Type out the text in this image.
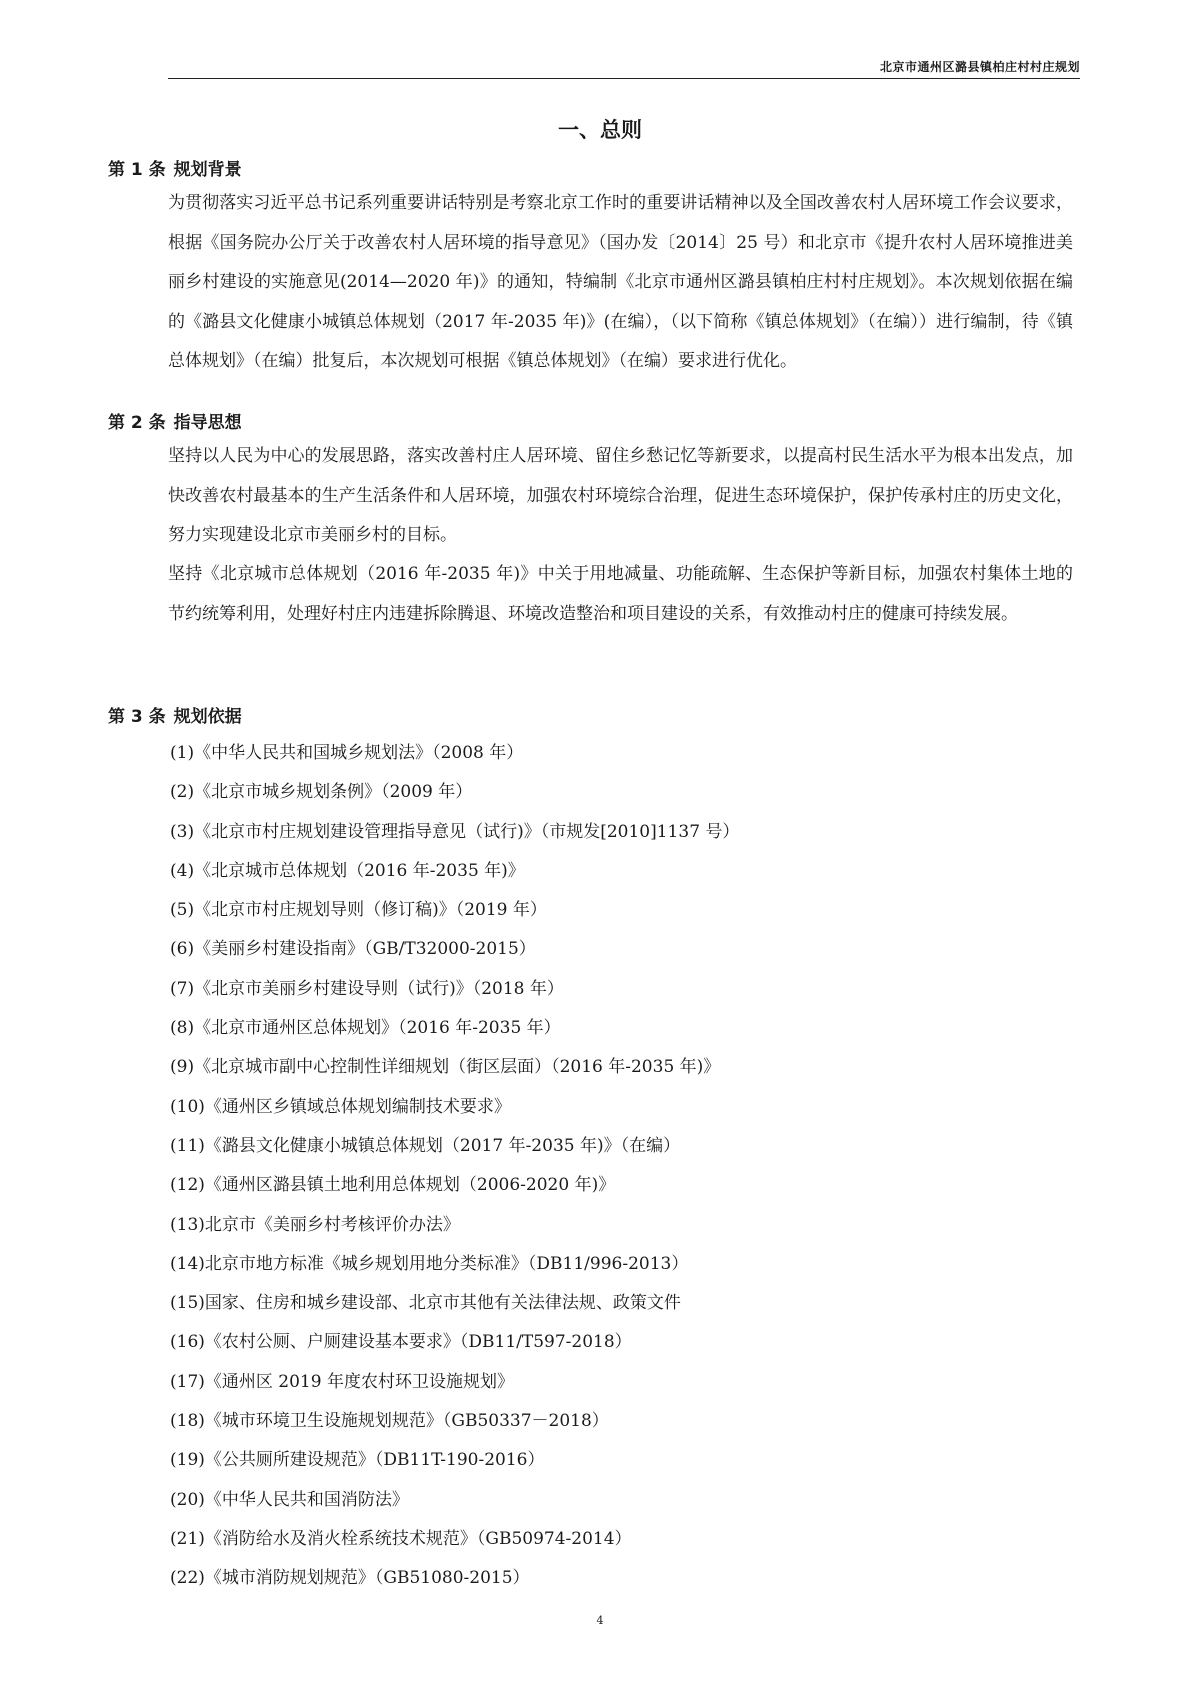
北京市通州区潞县镇柏庄村村庄规划
一、总则
第 1 条 规划背景
为贯彻落实习近平总书记系列重要讲话特别是考察北京工作时的重要讲话精神以及全国改善农村人居环境工作会议要求，根据《国务院办公厅关于改善农村人居环境的指导意见》（国办发〔2014〕25 号）和北京市《提升农村人居环境推进美丽乡村建设的实施意见(2014—2020 年)》的通知，特编制《北京市通州区潞县镇柏庄村村庄规划》。本次规划依据在编的《潞县文化健康小城镇总体规划（2017 年-2035 年)》(在编），（以下简称《镇总体规划》（在编））进行编制，待《镇总体规划》（在编）批复后，本次规划可根据《镇总体规划》（在编）要求进行优化。
第 2 条 指导思想
坚持以人民为中心的发展思路，落实改善村庄人居环境、留住乡愁记忆等新要求，以提高村民生活水平为根本出发点，加快改善农村最基本的生产生活条件和人居环境，加强农村环境综合治理，促进生态环境保护，保护传承村庄的历史文化，努力实现建设北京市美丽乡村的目标。
坚持《北京城市总体规划（2016 年-2035 年)》中关于用地减量、功能疏解、生态保护等新目标，加强农村集体土地的节约统筹利用，处理好村庄内违建拆除腾退、环境改造整治和项目建设的关系，有效推动村庄的健康可持续发展。
第 3 条 规划依据
(1)《中华人民共和国城乡规划法》（2008 年）
(2)《北京市城乡规划条例》（2009 年）
(3)《北京市村庄规划建设管理指导意见（试行)》（市规发[2010]1137 号）
(4)《北京城市总体规划（2016 年-2035 年)》
(5)《北京市村庄规划导则（修订稿)》（2019 年）
(6)《美丽乡村建设指南》（GB/T32000-2015）
(7)《北京市美丽乡村建设导则（试行)》（2018 年）
(8)《北京市通州区总体规划》（2016 年-2035 年）
(9)《北京城市副中心控制性详细规划（街区层面）（2016 年-2035 年)》
(10)《通州区乡镇域总体规划编制技术要求》
(11)《潞县文化健康小城镇总体规划（2017 年-2035 年)》（在编）
(12)《通州区潞县镇土地利用总体规划（2006-2020 年)》
(13)北京市《美丽乡村考核评价办法》
(14)北京市地方标准《城乡规划用地分类标准》（DB11/996-2013）
(15)国家、住房和城乡建设部、北京市其他有关法律法规、政策文件
(16)《农村公厕、户厕建设基本要求》（DB11/T597-2018）
(17)《通州区 2019 年度农村环卫设施规划》
(18)《城市环境卫生设施规划规范》（GB50337－2018）
(19)《公共厕所建设规范》（DB11T-190-2016）
(20)《中华人民共和国消防法》
(21)《消防给水及消火栓系统技术规范》（GB50974-2014）
(22)《城市消防规划规范》（GB51080-2015）
4
